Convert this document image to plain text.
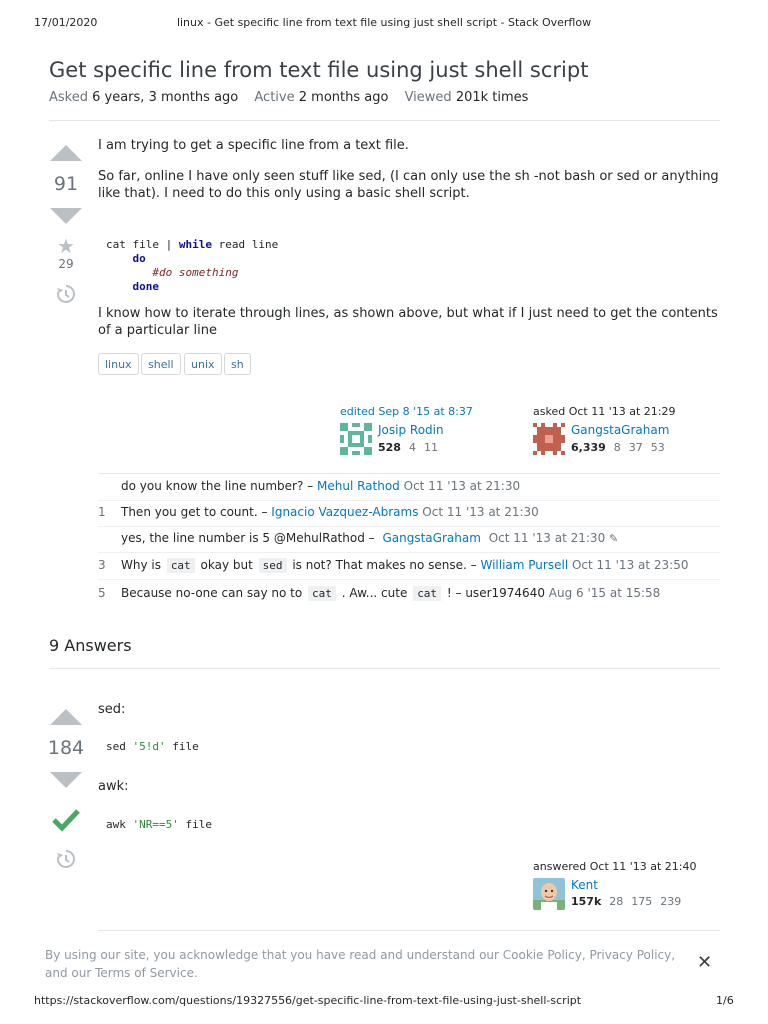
17/01/2020	linux - Get specific line from text file using just shell script - Stack Overflow
Get specific line from text file using just shell script
Asked 6 years, 3 months ago Active 2 months ago Viewed 201k times
91
★
29

I am trying to get a specific line from a text file.

So far, online I have only seen stuff like sed, (I can only use the sh -not bash or sed or anything like that). I need to do this only using a basic shell script.

cat file | while read line
do
#do something
done

I know how to iterate through lines, as shown above, but what if I just need to get the contents of a particular line

linux	shell	unix	sh
edited Sep 8 '15 at 8:37
Josip Rodin
528 4 11
asked Oct 11 '13 at 21:29
GangstaGraham
6,339 8 37 53
do you know the line number? – Mehul Rathod Oct 11 '13 at 21:30
1	Then you get to count. – Ignacio Vazquez-Abrams Oct 11 '13 at 21:30
yes, the line number is 5 @MehulRathod – GangstaGraham Oct 11 '13 at 21:30 ✎
3	Why is cat okay but sed is not? That makes no sense. – William Pursell Oct 11 '13 at 23:50
5	Because no-one can say no to cat . Aw... cute cat ! – user1974640 Aug 6 '15 at 15:58
9 Answers
184

sed:

sed '5!d' file

awk:

awk 'NR==5' file
answered Oct 11 '13 at 21:40
Kent
157k 28 175 239
By using our site, you acknowledge that you have read and understand our Cookie Policy, Privacy Policy, and our Terms of Service.	✕
https://stackoverflow.com/questions/19327556/get-specific-line-from-text-file-using-just-shell-script	1/6
